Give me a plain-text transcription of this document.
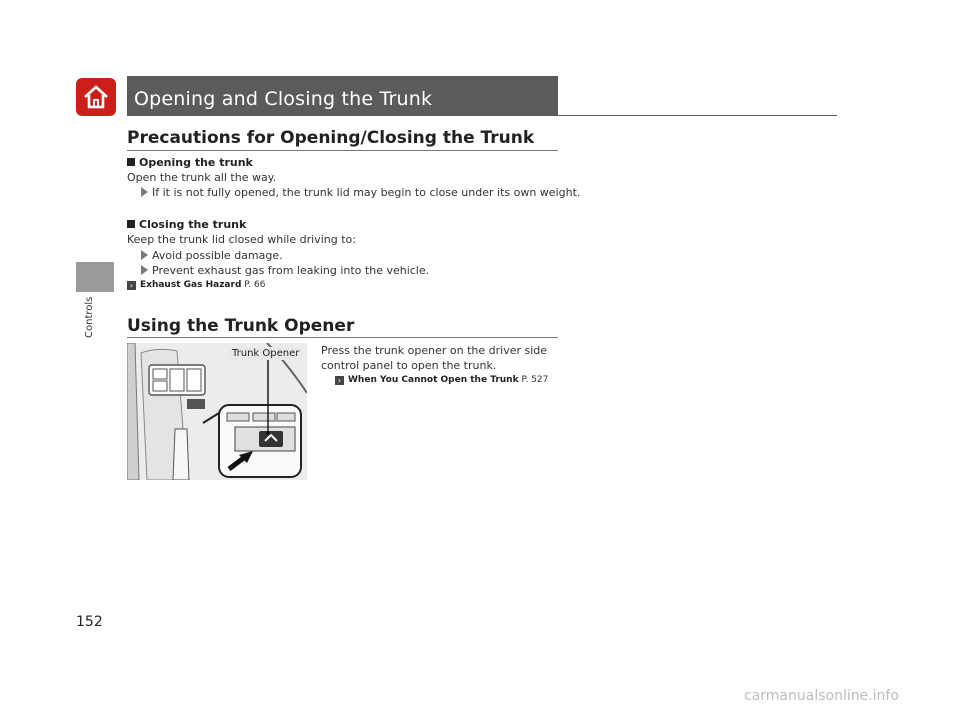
Opening and Closing the Trunk
Controls
152
Precautions for Opening/Closing the Trunk
Opening the trunk
Open the trunk all the way.
If it is not fully opened, the trunk lid may begin to close under its own weight.
Closing the trunk
Keep the trunk lid closed while driving to:
Avoid possible damage.
Prevent exhaust gas from leaking into the vehicle.
› Exhaust Gas Hazard P. 66
Using the Trunk Opener
Press the trunk opener on the driver side
control panel to open the trunk.
› When You Cannot Open the Trunk P. 527
Trunk Opener
carmanualsonline.info
